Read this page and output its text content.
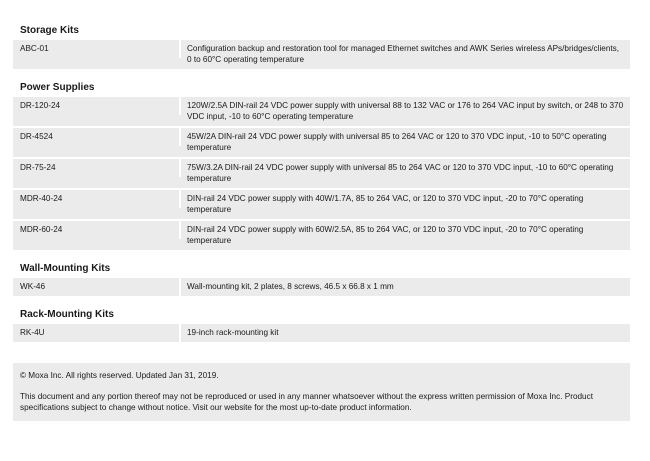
Storage Kits
ABC-01	Configuration backup and restoration tool for managed Ethernet switches and AWK Series wireless APs/bridges/clients, 0 to 60°C operating temperature
Power Supplies
DR-120-24	120W/2.5A DIN-rail 24 VDC power supply with universal 88 to 132 VAC or 176 to 264 VAC input by switch, or 248 to 370 VDC input, -10 to 60°C operating temperature
DR-4524	45W/2A DIN-rail 24 VDC power supply with universal 85 to 264 VAC or 120 to 370 VDC input, -10 to 50°C operating temperature
DR-75-24	75W/3.2A DIN-rail 24 VDC power supply with universal 85 to 264 VAC or 120 to 370 VDC input, -10 to 60°C operating temperature
MDR-40-24	DIN-rail 24 VDC power supply with 40W/1.7A, 85 to 264 VAC, or 120 to 370 VDC input, -20 to 70°C operating temperature
MDR-60-24	DIN-rail 24 VDC power supply with 60W/2.5A, 85 to 264 VAC, or 120 to 370 VDC input, -20 to 70°C operating temperature
Wall-Mounting Kits
WK-46	Wall-mounting kit, 2 plates, 8 screws, 46.5 x 66.8 x 1 mm
Rack-Mounting Kits
RK-4U	19-inch rack-mounting kit

© Moxa Inc. All rights reserved. Updated Jan 31, 2019.

This document and any portion thereof may not be reproduced or used in any manner whatsoever without the express written permission of Moxa Inc. Product specifications subject to change without notice. Visit our website for the most up-to-date product information.
